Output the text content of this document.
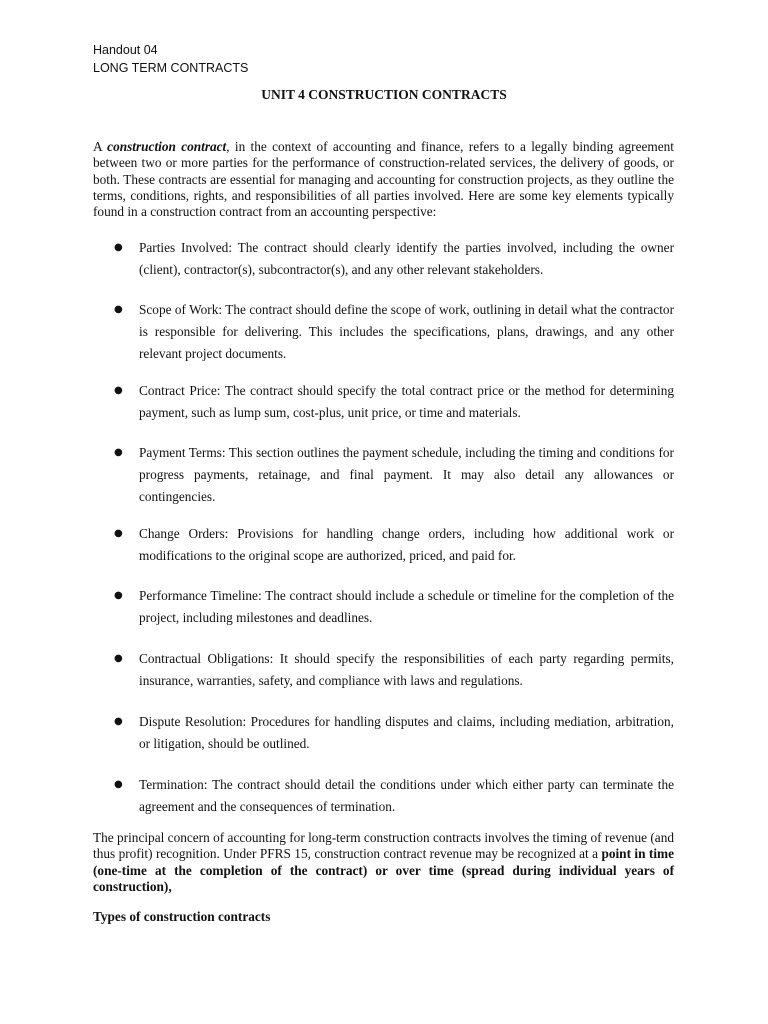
Handout 04
LONG TERM CONTRACTS
UNIT 4 CONSTRUCTION CONTRACTS
A construction contract, in the context of accounting and finance, refers to a legally binding agreement between two or more parties for the performance of construction-related services, the delivery of goods, or both. These contracts are essential for managing and accounting for construction projects, as they outline the terms, conditions, rights, and responsibilities of all parties involved. Here are some key elements typically found in a construction contract from an accounting perspective:
● Parties Involved: The contract should clearly identify the parties involved, including the owner (client), contractor(s), subcontractor(s), and any other relevant stakeholders.
● Scope of Work: The contract should define the scope of work, outlining in detail what the contractor is responsible for delivering. This includes the specifications, plans, drawings, and any other relevant project documents.
● Contract Price: The contract should specify the total contract price or the method for determining payment, such as lump sum, cost-plus, unit price, or time and materials.
● Payment Terms: This section outlines the payment schedule, including the timing and conditions for progress payments, retainage, and final payment. It may also detail any allowances or contingencies.
● Change Orders: Provisions for handling change orders, including how additional work or modifications to the original scope are authorized, priced, and paid for.
● Performance Timeline: The contract should include a schedule or timeline for the completion of the project, including milestones and deadlines.
● Contractual Obligations: It should specify the responsibilities of each party regarding permits, insurance, warranties, safety, and compliance with laws and regulations.
● Dispute Resolution: Procedures for handling disputes and claims, including mediation, arbitration, or litigation, should be outlined.
● Termination: The contract should detail the conditions under which either party can terminate the agreement and the consequences of termination.
The principal concern of accounting for long-term construction contracts involves the timing of revenue (and thus profit) recognition. Under PFRS 15, construction contract revenue may be recognized at a point in time (one-time at the completion of the contract) or over time (spread during individual years of construction),
Types of construction contracts
